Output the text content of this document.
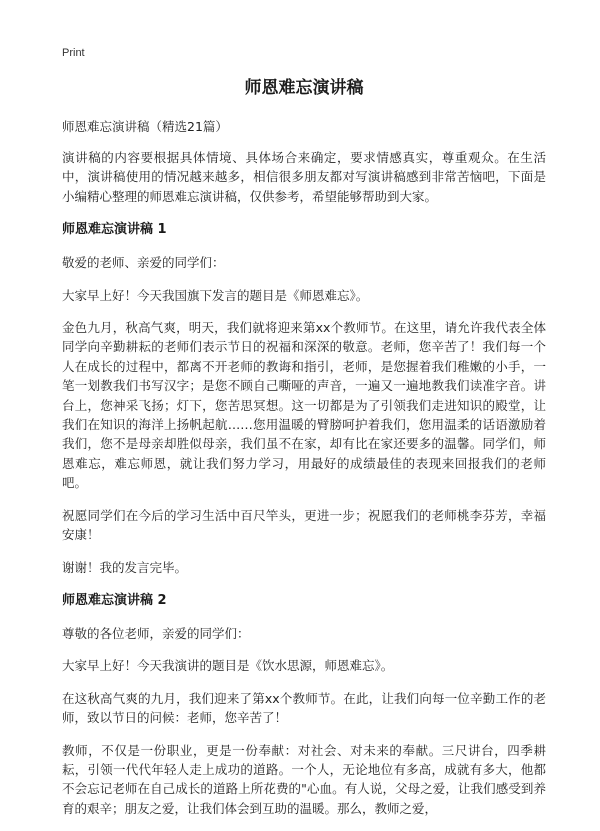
Print
师恩难忘演讲稿
师恩难忘演讲稿（精选21篇）

演讲稿的内容要根据具体情境、具体场合来确定，要求情感真实，尊重观众。在生活中，演讲稿使用的情况越来越多，相信很多朋友都对写演讲稿感到非常苦恼吧，下面是小编精心整理的师恩难忘演讲稿，仅供参考，希望能够帮助到大家。

师恩难忘演讲稿 1

敬爱的老师、亲爱的同学们：

大家早上好！今天我国旗下发言的题目是《师恩难忘》。

金色九月，秋高气爽，明天，我们就将迎来第xx个教师节。在这里，请允许我代表全体同学向辛勤耕耘的老师们表示节日的祝福和深深的敬意。老师，您辛苦了！我们每一个人在成长的过程中，都离不开老师的教诲和指引，老师，是您握着我们稚嫩的小手，一笔一划教我们书写汉字；是您不顾自己嘶哑的声音，一遍又一遍地教我们读准字音。讲台上，您神采飞扬；灯下，您苦思冥想。这一切都是为了引领我们走进知识的殿堂，让我们在知识的海洋上扬帆起航……您用温暖的臂膀呵护着我们，您用温柔的话语激励着我们，您不是母亲却胜似母亲，我们虽不在家，却有比在家还要多的温馨。同学们，师恩难忘，难忘师恩，就让我们努力学习，用最好的成绩最佳的表现来回报我们的老师吧。

祝愿同学们在今后的学习生活中百尺竿头，更进一步；祝愿我们的老师桃李芬芳，幸福安康！

谢谢！我的发言完毕。

师恩难忘演讲稿 2

尊敬的各位老师，亲爱的同学们：

大家早上好！今天我演讲的题目是《饮水思源，师恩难忘》。

在这秋高气爽的九月，我们迎来了第xx个教师节。在此，让我们向每一位辛勤工作的老师，致以节日的问候：老师，您辛苦了！

教师，不仅是一份职业，更是一份奉献：对社会、对未来的奉献。三尺讲台，四季耕耘，引领一代代年轻人走上成功的道路。一个人，无论地位有多高，成就有多大，他都不会忘记老师在自己成长的道路上所花费的"心血。有人说，父母之爱，让我们感受到养育的艰辛；朋友之爱，让我们体会到互助的温暖。那么，教师之爱，
